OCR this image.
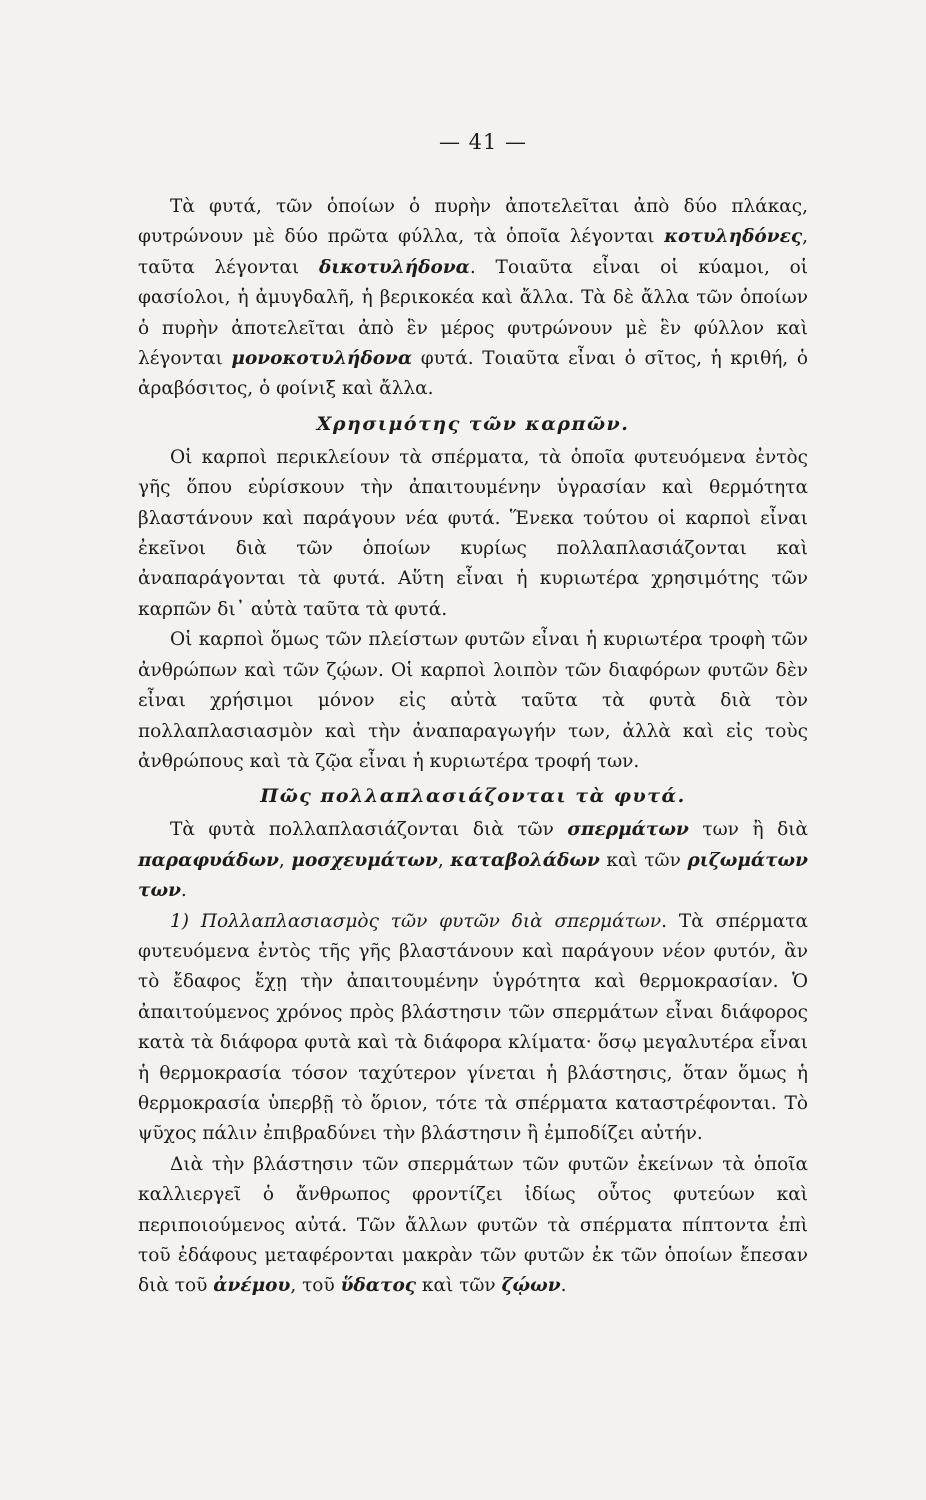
— 41 —

Τὰ φυτά, τῶν ὁποίων ὁ πυρὴν ἀποτελεῖται ἀπὸ δύο πλάκας, φυτρώνουν μὲ δύο πρῶτα φύλλα, τὰ ὁποῖα λέγονται κοτυληδόνες, ταῦτα λέγονται δικοτυλήδονα. Τοιαῦτα εἶναι οἱ κύαμοι, οἱ φασίολοι, ἡ ἀμυγδαλῆ, ἡ βερικοκέα καὶ ἄλλα. Τὰ δὲ ἄλλα τῶν ὁποίων ὁ πυρὴν ἀποτελεῖται ἀπὸ ἓν μέρος φυτρώνουν μὲ ἓν φύλλον καὶ λέγονται μονοκοτυλήδονα φυτά. Τοιαῦτα εἶναι ὁ σῖτος, ἡ κριθή, ὁ ἀραβόσιτος, ὁ φοίνιξ καὶ ἄλλα.

Χρησιμότης τῶν καρπῶν.

Οἱ καρποὶ περικλείουν τὰ σπέρματα, τὰ ὁποῖα φυτευόμενα ἐντὸς γῆς ὅπου εὑρίσκουν τὴν ἀπαιτουμένην ὑγρασίαν καὶ θερμότητα βλαστάνουν καὶ παράγουν νέα φυτά. Ἕνεκα τούτου οἱ καρποὶ εἶναι ἐκεῖνοι διὰ τῶν ὁποίων κυρίως πολλαπλασιάζονται καὶ ἀναπαράγονται τὰ φυτά. Αὕτη εἶναι ἡ κυριωτέρα χρησιμότης τῶν καρπῶν δι᾽ αὐτὰ ταῦτα τὰ φυτά.

Οἱ καρποὶ ὅμως τῶν πλείστων φυτῶν εἶναι ἡ κυριωτέρα τροφὴ τῶν ἀνθρώπων καὶ τῶν ζῴων. Οἱ καρποὶ λοιπὸν τῶν διαφόρων φυτῶν δὲν εἶναι χρήσιμοι μόνον εἰς αὐτὰ ταῦτα τὰ φυτὰ διὰ τὸν πολλαπλασιασμὸν καὶ τὴν ἀναπαραγωγήν των, ἀλλὰ καὶ εἰς τοὺς ἀνθρώπους καὶ τὰ ζῷα εἶναι ἡ κυριωτέρα τροφή των.

Πῶς πολλαπλασιάζονται τὰ φυτά.

Τὰ φυτὰ πολλαπλασιάζονται διὰ τῶν σπερμάτων των ἢ διὰ παραφυάδων, μοσχευμάτων, καταβολάδων καὶ τῶν ριζωμάτων των.

1) Πολλαπλασιασμὸς τῶν φυτῶν διὰ σπερμάτων. Τὰ σπέρματα φυτευόμενα ἐντὸς τῆς γῆς βλαστάνουν καὶ παράγουν νέον φυτόν, ἂν τὸ ἔδαφος ἔχῃ τὴν ἀπαιτουμένην ὑγρότητα καὶ θερμοκρασίαν. Ὁ ἀπαιτούμενος χρόνος πρὸς βλάστησιν τῶν σπερμάτων εἶναι διάφορος κατὰ τὰ διάφορα φυτὰ καὶ τὰ διάφορα κλίματα· ὅσῳ μεγαλυτέρα εἶναι ἡ θερμοκρασία τόσον ταχύτερον γίνεται ἡ βλάστησις, ὅταν ὅμως ἡ θερμοκρασία ὑπερβῇ τὸ ὅριον, τότε τὰ σπέρματα καταστρέφονται. Τὸ ψῦχος πάλιν ἐπιβραδύνει τὴν βλάστησιν ἢ ἐμποδίζει αὐτήν.

Διὰ τὴν βλάστησιν τῶν σπερμάτων τῶν φυτῶν ἐκείνων τὰ ὁποῖα καλλιεργεῖ ὁ ἄνθρωπος φροντίζει ἰδίως οὗτος φυτεύων καὶ περιποιούμενος αὐτά. Τῶν ἄλλων φυτῶν τὰ σπέρματα πίπτοντα ἐπὶ τοῦ ἐδάφους μεταφέρονται μακρὰν τῶν φυτῶν ἐκ τῶν ὁποίων ἔπεσαν διὰ τοῦ ἀνέμου, τοῦ ὕδατος καὶ τῶν ζῴων.
